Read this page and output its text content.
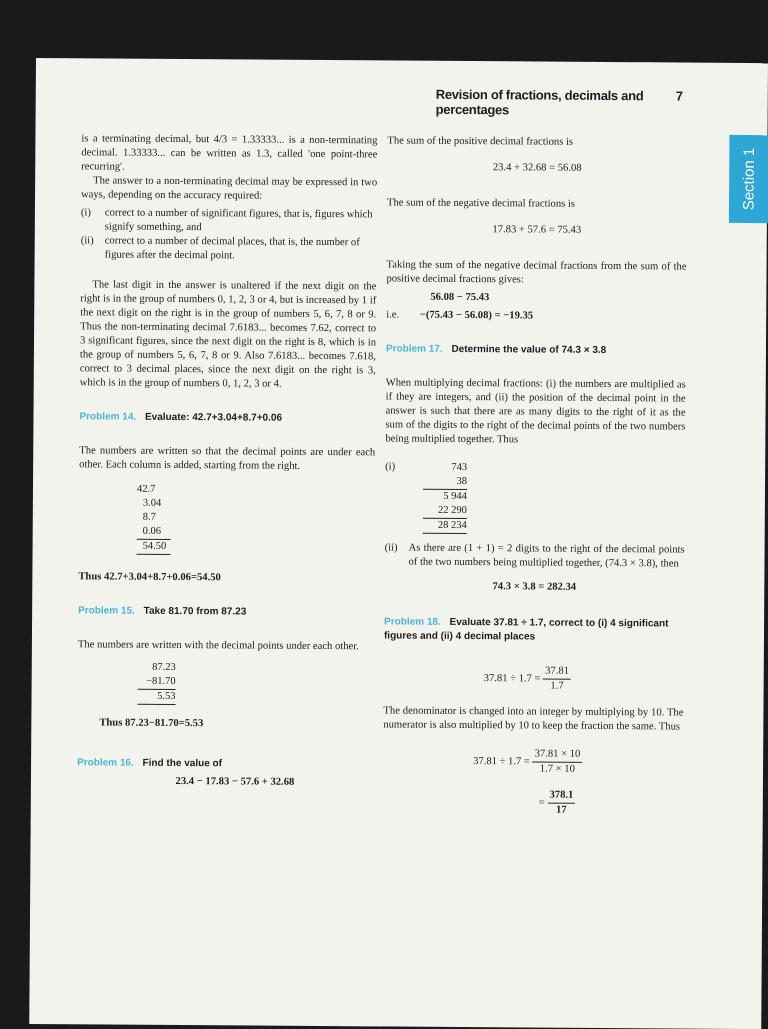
Revision of fractions, decimals and percentages
7
Section 1

is a terminating decimal, but 4/3 = 1.33333... is a non-terminating decimal. 1.33333... can be written as 1.3, called 'one point-three recurring'.

The answer to a non-terminating decimal may be expressed in two ways, depending on the accuracy required:

(i)	correct to a number of significant figures, that is, figures which signify something, and
(ii)	correct to a number of decimal places, that is, the number of figures after the decimal point.

The last digit in the answer is unaltered if the next digit on the right is in the group of numbers 0, 1, 2, 3 or 4, but is increased by 1 if the next digit on the right is in the group of numbers 5, 6, 7, 8 or 9. Thus the non-terminating decimal 7.6183... becomes 7.62, correct to 3 significant figures, since the next digit on the right is 8, which is in the group of numbers 5, 6, 7, 8 or 9. Also 7.6183... becomes 7.618, correct to 3 decimal places, since the next digit on the right is 3, which is in the group of numbers 0, 1, 2, 3 or 4.

Problem 14. Evaluate: 42.7+3.04+8.7+0.06

The numbers are written so that the decimal points are under each other. Each column is added, starting from the right.

42.7
3.04
8.7
0.06
54.50

Thus 42.7+3.04+8.7+0.06=54.50

Problem 15. Take 81.70 from 87.23

The numbers are written with the decimal points under each other.

87.23
−81.70
5.53

Thus 87.23−81.70=5.53

Problem 16. Find the value of
23.4 − 17.83 − 57.6 + 32.68

The sum of the positive decimal fractions is

23.4 + 32.68 = 56.08

The sum of the negative decimal fractions is

17.83 + 57.6 = 75.43

Taking the sum of the negative decimal fractions from the sum of the positive decimal fractions gives:

56.08 − 75.43
i.e. −(75.43 − 56.08) = −19.35
Problem 17. Determine the value of 74.3 × 3.8

When multiplying decimal fractions: (i) the numbers are multiplied as if they are integers, and (ii) the position of the decimal point in the answer is such that there are as many digits to the right of it as the sum of the digits to the right of the decimal points of the two numbers being multiplied together. Thus

(i)	743
38
5 944
22 290
28 234
(ii)	As there are (1 + 1) = 2 digits to the right of the decimal points of the two numbers being multiplied together, (74.3 × 3.8), then

74.3 × 3.8 = 282.34
Problem 18. Evaluate 37.81 ÷ 1.7, correct to (i) 4 significant figures and (ii) 4 decimal places
$37.81 \div 1.7 = \frac{37.81}{1.7}$

The denominator is changed into an integer by multiplying by 10. The numerator is also multiplied by 10 to keep the fraction the same. Thus

$37.81 \div 1.7 = \frac{37.81 \times 10}{1.7 \times 10}$
= $\frac{378.1}{17}$
